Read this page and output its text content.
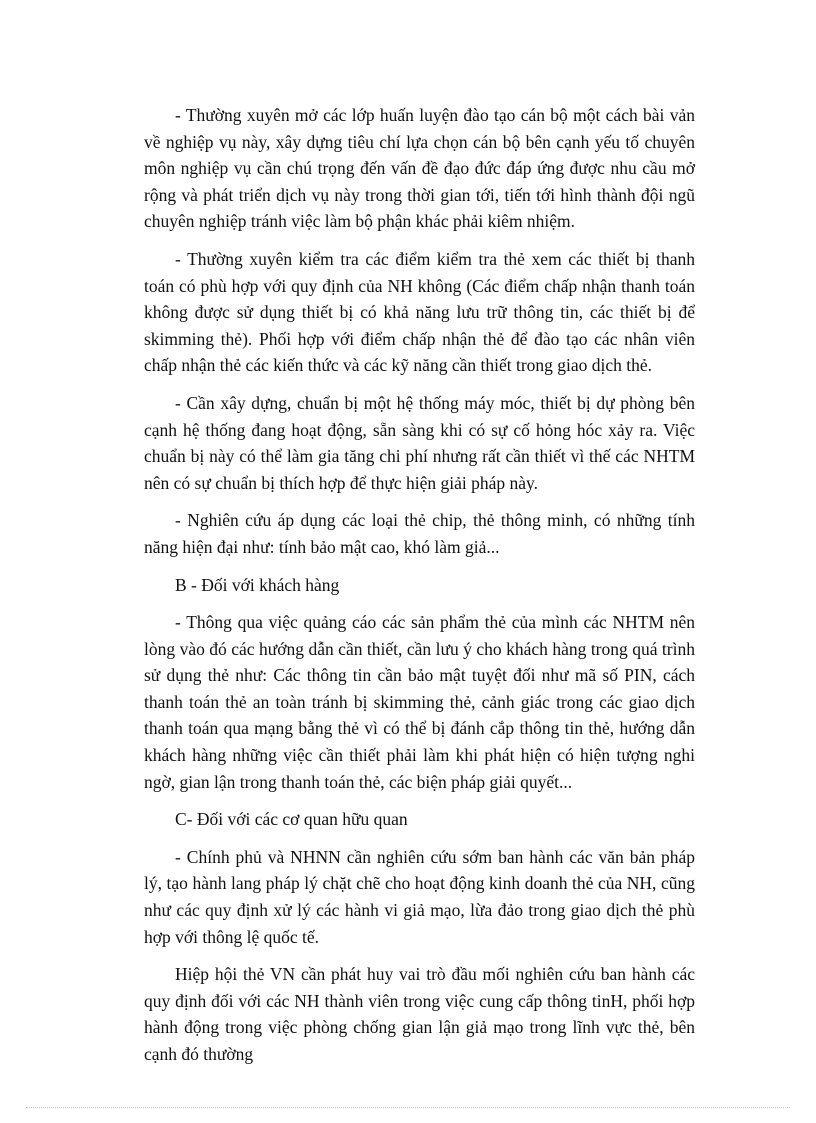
- Thường xuyên mở các lớp huấn luyện đào tạo cán bộ một cách bài vản về nghiệp vụ này, xây dựng tiêu chí lựa chọn cán bộ bên cạnh yếu tố chuyên môn nghiệp vụ cần chú trọng đến vấn đề đạo đức đáp ứng được nhu cầu mở rộng và phát triển dịch vụ này trong thời gian tới, tiến tới hình thành đội ngũ chuyên nghiệp tránh việc làm bộ phận khác phải kiêm nhiệm.

- Thường xuyên kiểm tra các điểm kiểm tra thẻ xem các thiết bị thanh toán có phù hợp với quy định của NH không (Các điểm chấp nhận thanh toán không được sử dụng thiết bị có khả năng lưu trữ thông tin, các thiết bị để skimming thẻ). Phối hợp với điểm chấp nhận thẻ để đào tạo các nhân viên chấp nhận thẻ các kiến thức và các kỹ năng cần thiết trong giao dịch thẻ.

- Cần xây dựng, chuẩn bị một hệ thống máy móc, thiết bị dự phòng bên cạnh hệ thống đang hoạt động, sẵn sàng khi có sự cố hỏng hóc xảy ra. Việc chuẩn bị này có thể làm gia tăng chi phí nhưng rất cần thiết vì thế các NHTM nên có sự chuẩn bị thích hợp để thực hiện giải pháp này.

- Nghiên cứu áp dụng các loại thẻ chip, thẻ thông minh, có những tính năng hiện đại như: tính bảo mật cao, khó làm giả...

B - Đối với khách hàng

- Thông qua việc quảng cáo các sản phẩm thẻ của mình các NHTM nên lòng vào đó các hướng dẫn cần thiết, cần lưu ý cho khách hàng trong quá trình sử dụng thẻ như: Các thông tin cần bảo mật tuyệt đối như mã số PIN, cách thanh toán thẻ an toàn tránh bị skimming thẻ, cảnh giác trong các giao dịch thanh toán qua mạng bằng thẻ vì có thể bị đánh cắp thông tin thẻ, hướng dẫn khách hàng những việc cần thiết phải làm khi phát hiện có hiện tượng nghi ngờ, gian lận trong thanh toán thẻ, các biện pháp giải quyết...

C- Đối với các cơ quan hữu quan

- Chính phủ và NHNN cần nghiên cứu sớm ban hành các văn bản pháp lý, tạo hành lang pháp lý chặt chẽ cho hoạt động kinh doanh thẻ của NH, cũng như các quy định xử lý các hành vi giả mạo, lừa đảo trong giao dịch thẻ phù hợp với thông lệ quốc tế.

Hiệp hội thẻ VN cần phát huy vai trò đầu mối nghiên cứu ban hành các quy định đối với các NH thành viên trong việc cung cấp thông tinH, phối hợp hành động trong việc phòng chống gian lận giả mạo trong lĩnh vực thẻ, bên cạnh đó thường
